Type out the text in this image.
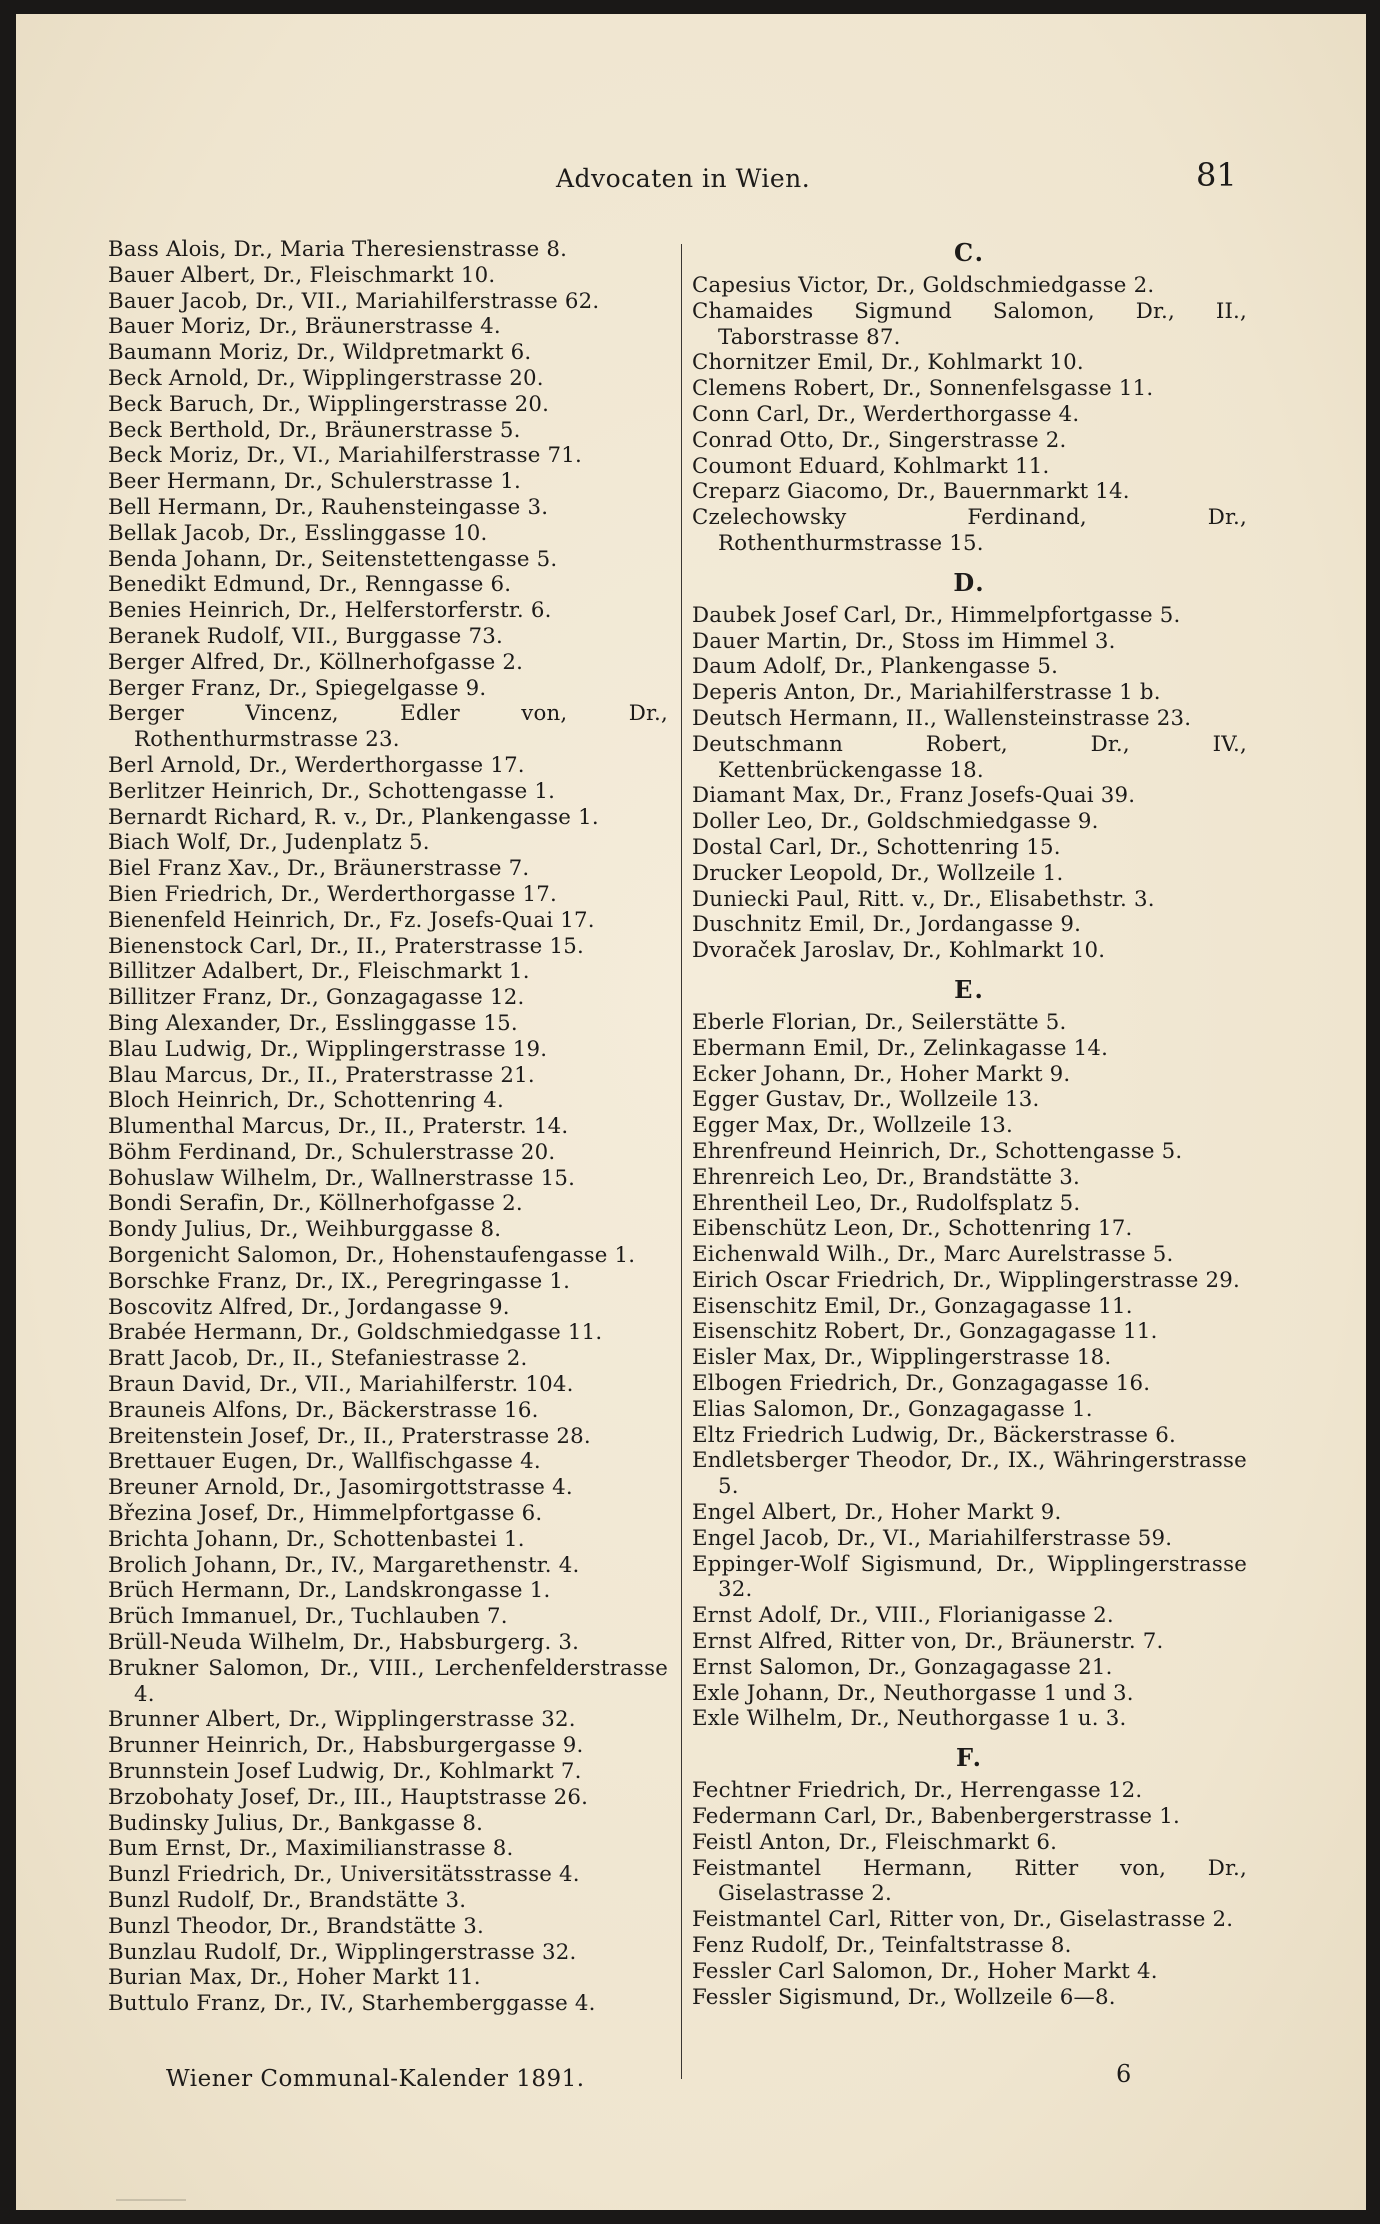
Advocaten in Wien.	81
Bass Alois, Dr., Maria Theresienstrasse 8.
Bauer Albert, Dr., Fleischmarkt 10.
Bauer Jacob, Dr., VII., Mariahilferstrasse 62.
Bauer Moriz, Dr., Bräunerstrasse 4.
Baumann Moriz, Dr., Wildpretmarkt 6.
Beck Arnold, Dr., Wipplingerstrasse 20.
Beck Baruch, Dr., Wipplingerstrasse 20.
Beck Berthold, Dr., Bräunerstrasse 5.
Beck Moriz, Dr., VI., Mariahilferstrasse 71.
Beer Hermann, Dr., Schulerstrasse 1.
Bell Hermann, Dr., Rauhensteingasse 3.
Bellak Jacob, Dr., Esslinggasse 10.
Benda Johann, Dr., Seitenstettengasse 5.
Benedikt Edmund, Dr., Renngasse 6.
Benies Heinrich, Dr., Helferstorferstr. 6.
Beranek Rudolf, VII., Burggasse 73.
Berger Alfred, Dr., Köllnerhofgasse 2.
Berger Franz, Dr., Spiegelgasse 9.
Berger Vincenz, Edler von, Dr., Rothenthurmstrasse 23.
Berl Arnold, Dr., Werderthorgasse 17.
Berlitzer Heinrich, Dr., Schottengasse 1.
Bernardt Richard, R. v., Dr., Plankengasse 1.
Biach Wolf, Dr., Judenplatz 5.
Biel Franz Xav., Dr., Bräunerstrasse 7.
Bien Friedrich, Dr., Werderthorgasse 17.
Bienenfeld Heinrich, Dr., Fz. Josefs-Quai 17.
Bienenstock Carl, Dr., II., Praterstrasse 15.
Billitzer Adalbert, Dr., Fleischmarkt 1.
Billitzer Franz, Dr., Gonzagagasse 12.
Bing Alexander, Dr., Esslinggasse 15.
Blau Ludwig, Dr., Wipplingerstrasse 19.
Blau Marcus, Dr., II., Praterstrasse 21.
Bloch Heinrich, Dr., Schottenring 4.
Blumenthal Marcus, Dr., II., Praterstr. 14.
Böhm Ferdinand, Dr., Schulerstrasse 20.
Bohuslaw Wilhelm, Dr., Wallnerstrasse 15.
Bondi Serafin, Dr., Köllnerhofgasse 2.
Bondy Julius, Dr., Weihburggasse 8.
Borgenicht Salomon, Dr., Hohenstaufengasse 1.
Borschke Franz, Dr., IX., Peregringasse 1.
Boscovitz Alfred, Dr., Jordangasse 9.
Brabée Hermann, Dr., Goldschmiedgasse 11.
Bratt Jacob, Dr., II., Stefaniestrasse 2.
Braun David, Dr., VII., Mariahilferstr. 104.
Brauneis Alfons, Dr., Bäckerstrasse 16.
Breitenstein Josef, Dr., II., Praterstrasse 28.
Brettauer Eugen, Dr., Wallfischgasse 4.
Breuner Arnold, Dr., Jasomirgottstrasse 4.
Březina Josef, Dr., Himmelpfortgasse 6.
Brichta Johann, Dr., Schottenbastei 1.
Brolich Johann, Dr., IV., Margarethenstr. 4.
Brüch Hermann, Dr., Landskrongasse 1.
Brüch Immanuel, Dr., Tuchlauben 7.
Brüll-Neuda Wilhelm, Dr., Habsburgerg. 3.
Brukner Salomon, Dr., VIII., Lerchenfelderstrasse 4.
Brunner Albert, Dr., Wipplingerstrasse 32.
Brunner Heinrich, Dr., Habsburgergasse 9.
Brunnstein Josef Ludwig, Dr., Kohlmarkt 7.
Brzobohaty Josef, Dr., III., Hauptstrasse 26.
Budinsky Julius, Dr., Bankgasse 8.
Bum Ernst, Dr., Maximilianstrasse 8.
Bunzl Friedrich, Dr., Universitätsstrasse 4.
Bunzl Rudolf, Dr., Brandstätte 3.
Bunzl Theodor, Dr., Brandstätte 3.
Bunzlau Rudolf, Dr., Wipplingerstrasse 32.
Burian Max, Dr., Hoher Markt 11.
Buttulo Franz, Dr., IV., Starhemberggasse 4.
C.
Capesius Victor, Dr., Goldschmiedgasse 2.
Chamaides Sigmund Salomon, Dr., II., Taborstrasse 87.
Chornitzer Emil, Dr., Kohlmarkt 10.
Clemens Robert, Dr., Sonnenfelsgasse 11.
Conn Carl, Dr., Werderthorgasse 4.
Conrad Otto, Dr., Singerstrasse 2.
Coumont Eduard, Kohlmarkt 11.
Creparz Giacomo, Dr., Bauernmarkt 14.
Czelechowsky Ferdinand, Dr., Rothenthurmstrasse 15.
D.
Daubek Josef Carl, Dr., Himmelpfortgasse 5.
Dauer Martin, Dr., Stoss im Himmel 3.
Daum Adolf, Dr., Plankengasse 5.
Deperis Anton, Dr., Mariahilferstrasse 1 b.
Deutsch Hermann, II., Wallensteinstrasse 23.
Deutschmann Robert, Dr., IV., Kettenbrückengasse 18.
Diamant Max, Dr., Franz Josefs-Quai 39.
Doller Leo, Dr., Goldschmiedgasse 9.
Dostal Carl, Dr., Schottenring 15.
Drucker Leopold, Dr., Wollzeile 1.
Duniecki Paul, Ritt. v., Dr., Elisabethstr. 3.
Duschnitz Emil, Dr., Jordangasse 9.
Dvoraček Jaroslav, Dr., Kohlmarkt 10.
E.
Eberle Florian, Dr., Seilerstätte 5.
Ebermann Emil, Dr., Zelinkagasse 14.
Ecker Johann, Dr., Hoher Markt 9.
Egger Gustav, Dr., Wollzeile 13.
Egger Max, Dr., Wollzeile 13.
Ehrenfreund Heinrich, Dr., Schottengasse 5.
Ehrenreich Leo, Dr., Brandstätte 3.
Ehrentheil Leo, Dr., Rudolfsplatz 5.
Eibenschütz Leon, Dr., Schottenring 17.
Eichenwald Wilh., Dr., Marc Aurelstrasse 5.
Eirich Oscar Friedrich, Dr., Wipplingerstrasse 29.
Eisenschitz Emil, Dr., Gonzagagasse 11.
Eisenschitz Robert, Dr., Gonzagagasse 11.
Eisler Max, Dr., Wipplingerstrasse 18.
Elbogen Friedrich, Dr., Gonzagagasse 16.
Elias Salomon, Dr., Gonzagagasse 1.
Eltz Friedrich Ludwig, Dr., Bäckerstrasse 6.
Endletsberger Theodor, Dr., IX., Währingerstrasse 5.
Engel Albert, Dr., Hoher Markt 9.
Engel Jacob, Dr., VI., Mariahilferstrasse 59.
Eppinger-Wolf Sigismund, Dr., Wipplingerstrasse 32.
Ernst Adolf, Dr., VIII., Florianigasse 2.
Ernst Alfred, Ritter von, Dr., Bräunerstr. 7.
Ernst Salomon, Dr., Gonzagagasse 21.
Exle Johann, Dr., Neuthorgasse 1 und 3.
Exle Wilhelm, Dr., Neuthorgasse 1 u. 3.
F.
Fechtner Friedrich, Dr., Herrengasse 12.
Federmann Carl, Dr., Babenbergerstrasse 1.
Feistl Anton, Dr., Fleischmarkt 6.
Feistmantel Hermann, Ritter von, Dr., Giselastrasse 2.
Feistmantel Carl, Ritter von, Dr., Giselastrasse 2.
Fenz Rudolf, Dr., Teinfaltstrasse 8.
Fessler Carl Salomon, Dr., Hoher Markt 4.
Fessler Sigismund, Dr., Wollzeile 6—8.
Wiener Communal-Kalender 1891.	6
